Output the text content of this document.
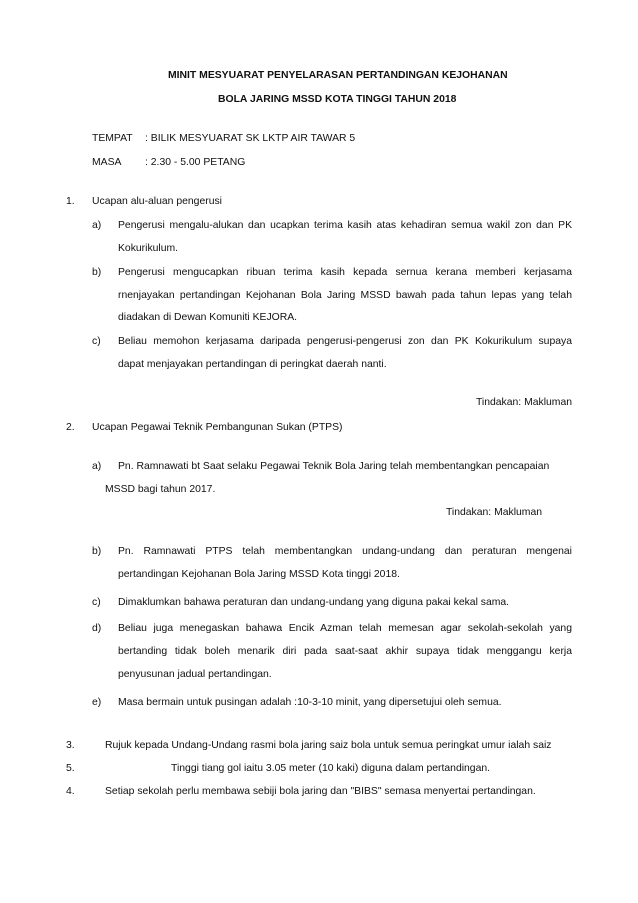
MINIT MESYUARAT PENYELARASAN PERTANDINGAN KEJOHANAN
BOLA JARING MSSD KOTA TINGGI TAHUN 2018
TEMPAT : BILIK MESYUARAT SK LKTP AIR TAWAR 5
MASA : 2.30 - 5.00 PETANG
1. Ucapan alu-aluan pengerusi
a) Pengerusi mengalu-alukan dan ucapkan terima kasih atas kehadiran semua wakil zon dan PK
Kokurikulum.
b) Pengerusi mengucapkan ribuan terima kasih kepada sernua kerana memberi kerjasama
rnenjayakan pertandingan Kejohanan Bola Jaring MSSD bawah pada tahun lepas yang telah
diadakan di Dewan Komuniti KEJORA.
c) Beliau memohon kerjasama daripada pengerusi-pengerusi zon dan PK Kokurikulum supaya
dapat menjayakan pertandingan di peringkat daerah nanti.
Tindakan: Makluman
2. Ucapan Pegawai Teknik Pembangunan Sukan (PTPS)
a) Pn. Ramnawati bt Saat selaku Pegawai Teknik Bola Jaring telah membentangkan pencapaian
MSSD bagi tahun 2017.
Tindakan: Makluman
b) Pn. Ramnawati PTPS telah membentangkan undang-undang dan peraturan mengenai
pertandingan Kejohanan Bola Jaring MSSD Kota tinggi 2018.
c) Dimaklumkan bahawa peraturan dan undang-undang yang diguna pakai kekal sama.
d) Beliau juga menegaskan bahawa Encik Azman telah memesan agar sekolah-sekolah yang
bertanding tidak boleh menarik diri pada saat-saat akhir supaya tidak menggangu kerja
penyusunan jadual pertandingan.
e) Masa bermain untuk pusingan adalah :10-3-10 minit, yang dipersetujui oleh semua.
3.	Rujuk kepada Undang-Undang rasmi bola jaring saiz bola untuk semua peringkat umur ialah saiz
5.	Tinggi tiang gol iaitu 3.05 meter (10 kaki) diguna dalam pertandingan.
4.	Setiap sekolah perlu membawa sebiji bola jaring dan "BIBS" semasa menyertai pertandingan.
